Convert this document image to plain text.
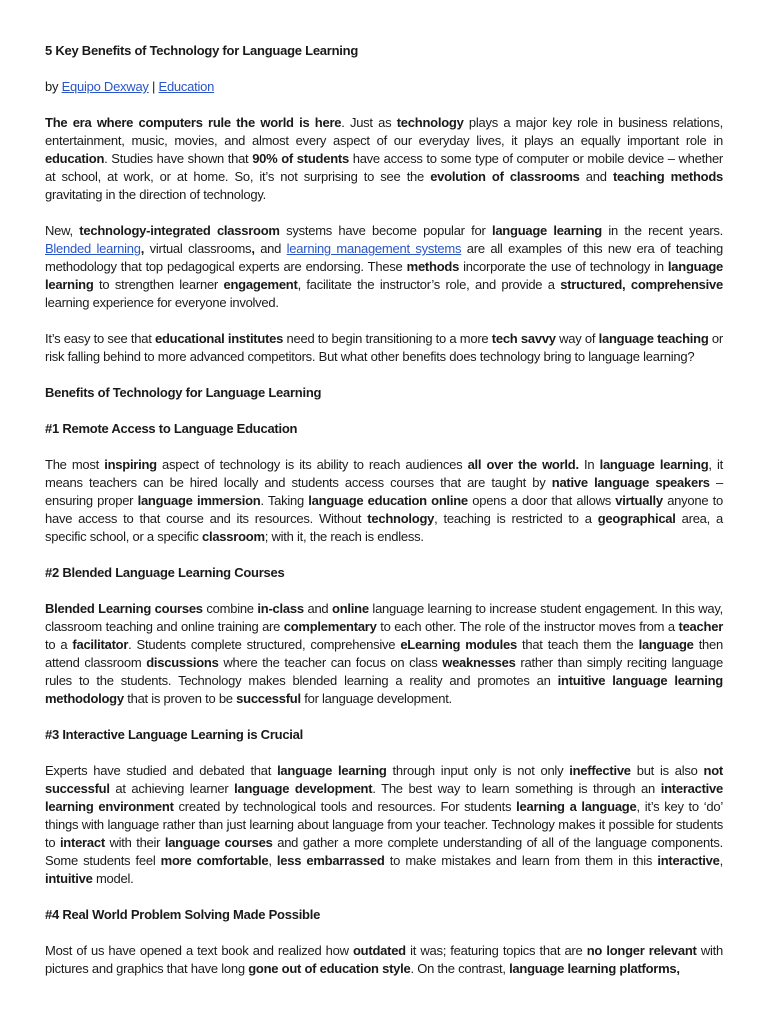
5 Key Benefits of Technology for Language Learning
by Equipo Dexway | Education
The era where computers rule the world is here. Just as technology plays a major key role in business relations, entertainment, music, movies, and almost every aspect of our everyday lives, it plays an equally important role in education. Studies have shown that 90% of students have access to some type of computer or mobile device – whether at school, at work, or at home. So, it’s not surprising to see the evolution of classrooms and teaching methods gravitating in the direction of technology.
New, technology-integrated classroom systems have become popular for language learning in the recent years. Blended learning, virtual classrooms, and learning management systems are all examples of this new era of teaching methodology that top pedagogical experts are endorsing. These methods incorporate the use of technology in language learning to strengthen learner engagement, facilitate the instructor’s role, and provide a structured, comprehensive learning experience for everyone involved.
It’s easy to see that educational institutes need to begin transitioning to a more tech savvy way of language teaching or risk falling behind to more advanced competitors. But what other benefits does technology bring to language learning?
Benefits of Technology for Language Learning
#1 Remote Access to Language Education
The most inspiring aspect of technology is its ability to reach audiences all over the world. In language learning, it means teachers can be hired locally and students access courses that are taught by native language speakers – ensuring proper language immersion. Taking language education online opens a door that allows virtually anyone to have access to that course and its resources. Without technology, teaching is restricted to a geographical area, a specific school, or a specific classroom; with it, the reach is endless.
#2 Blended Language Learning Courses
Blended Learning courses combine in-class and online language learning to increase student engagement. In this way, classroom teaching and online training are complementary to each other. The role of the instructor moves from a teacher to a facilitator. Students complete structured, comprehensive eLearning modules that teach them the language then attend classroom discussions where the teacher can focus on class weaknesses rather than simply reciting language rules to the students. Technology makes blended learning a reality and promotes an intuitive language learning methodology that is proven to be successful for language development.
#3 Interactive Language Learning is Crucial
Experts have studied and debated that language learning through input only is not only ineffective but is also not successful at achieving learner language development. The best way to learn something is through an interactive learning environment created by technological tools and resources. For students learning a language, it’s key to ‘do’ things with language rather than just learning about language from your teacher. Technology makes it possible for students to interact with their language courses and gather a more complete understanding of all of the language components. Some students feel more comfortable, less embarrassed to make mistakes and learn from them in this interactive, intuitive model.
#4 Real World Problem Solving Made Possible
Most of us have opened a text book and realized how outdated it was; featuring topics that are no longer relevant with pictures and graphics that have long gone out of education style. On the contrast, language learning platforms,
